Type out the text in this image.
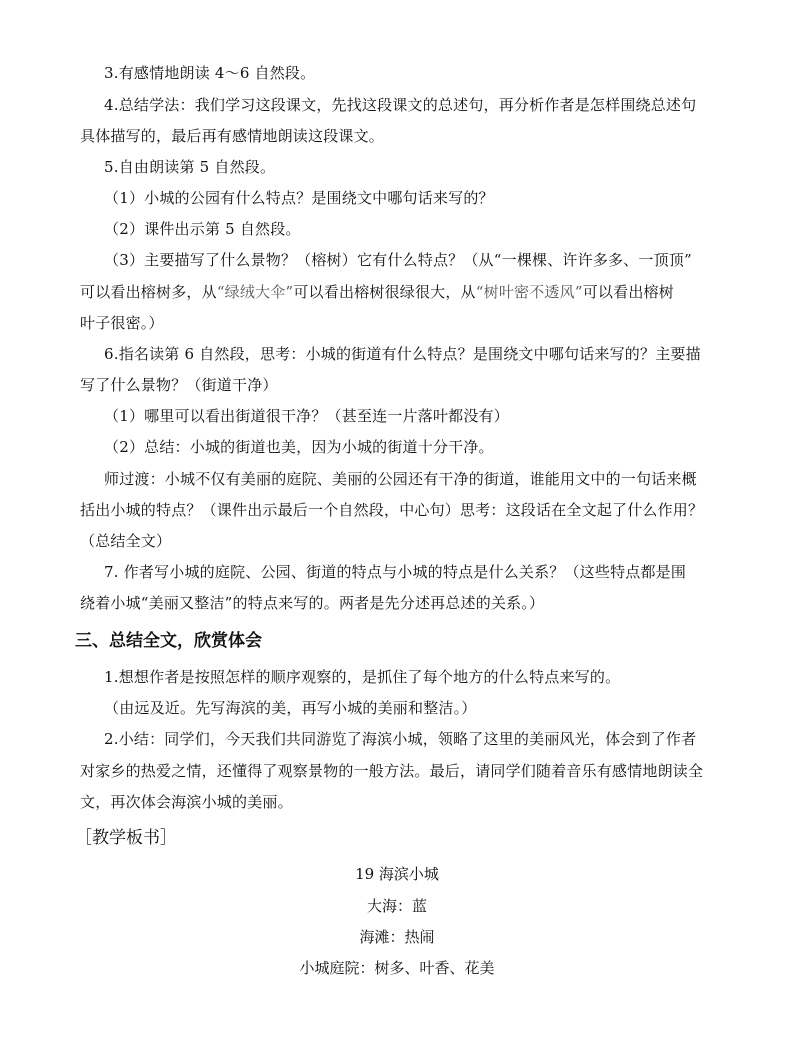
3.有感情地朗读 4～6 自然段。
4.总结学法：我们学习这段课文，先找这段课文的总述句，再分析作者是怎样围绕总述句
具体描写的，最后再有感情地朗读这段课文。
5.自由朗读第 5 自然段。
（1）小城的公园有什么特点？是围绕文中哪句话来写的？
（2）课件出示第 5 自然段。
（3）主要描写了什么景物？（榕树）它有什么特点？（从“一棵棵、许许多多、一顶顶”
可以看出榕树多，从“绿绒大伞”可以看出榕树很绿很大，从“树叶密不透风”可以看出榕树
叶子很密。）
6.指名读第 6 自然段，思考：小城的街道有什么特点？是围绕文中哪句话来写的？主要描
写了什么景物？（街道干净）
（1）哪里可以看出街道很干净？（甚至连一片落叶都没有）
（2）总结：小城的街道也美，因为小城的街道十分干净。
师过渡：小城不仅有美丽的庭院、美丽的公园还有干净的街道，谁能用文中的一句话来概
括出小城的特点？（课件出示最后一个自然段，中心句）思考：这段话在全文起了什么作用？
（总结全文）
7. 作者写小城的庭院、公园、街道的特点与小城的特点是什么关系？（这些特点都是围
绕着小城“美丽又整洁”的特点来写的。两者是先分述再总述的关系。）
三、总结全文，欣赏体会
1.想想作者是按照怎样的顺序观察的，是抓住了每个地方的什么特点来写的。
（由远及近。先写海滨的美，再写小城的美丽和整洁。）
2.小结：同学们，今天我们共同游览了海滨小城，领略了这里的美丽风光，体会到了作者
对家乡的热爱之情，还懂得了观察景物的一般方法。最后，请同学们随着音乐有感情地朗读全
文，再次体会海滨小城的美丽。
［教学板书］
19 海滨小城
大海：蓝
海滩：热闹
小城庭院：树多、叶香、花美
